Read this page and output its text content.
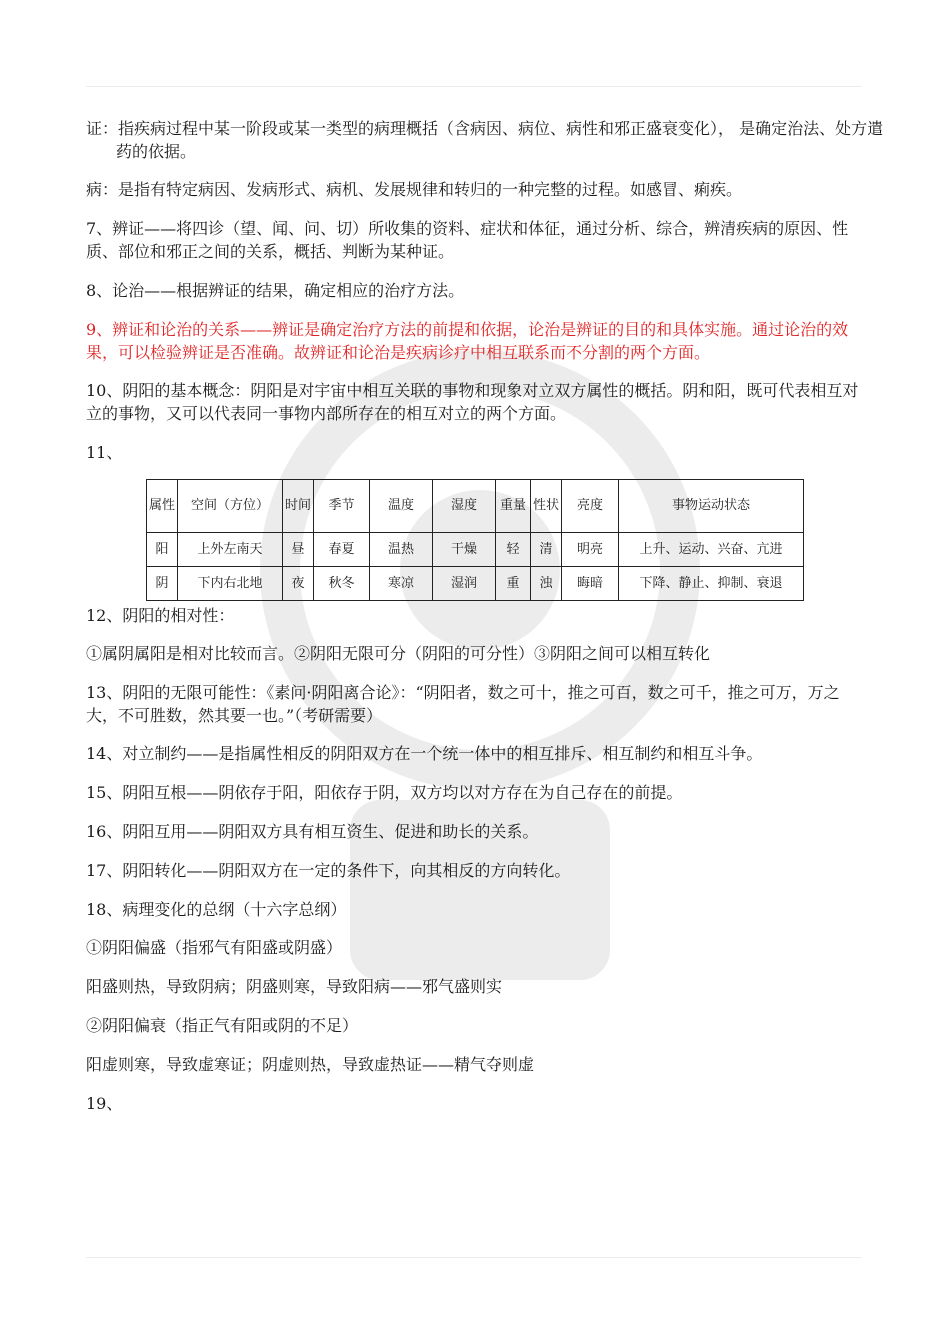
证：指疾病过程中某一阶段或某一类型的病理概括（含病因、病位、病性和邪正盛衰变化）， 是确定治法、处方遣药的依据。

病：是指有特定病因、发病形式、病机、发展规律和转归的一种完整的过程。如感冒、痢疾。

7、辨证——将四诊（望、闻、问、切）所收集的资料、症状和体征，通过分析、综合，辨清疾病的原因、性质、部位和邪正之间的关系，概括、判断为某种证。

8、论治——根据辨证的结果，确定相应的治疗方法。

9、辨证和论治的关系——辨证是确定治疗方法的前提和依据，论治是辨证的目的和具体实施。通过论治的效果，可以检验辨证是否准确。故辨证和论治是疾病诊疗中相互联系而不分割的两个方面。

10、阴阳的基本概念：阴阳是对宇宙中相互关联的事物和现象对立双方属性的概括。阴和阳，既可代表相互对立的事物，又可以代表同一事物内部所存在的相互对立的两个方面。

11、

属性	空间（方位）	时间	季节	温度	湿度	重量	性状	亮度	事物运动状态
阳	上外左南天	昼	春夏	温热	干燥	轻	清	明亮	上升、运动、兴奋、亢进
阴	下内右北地	夜	秋冬	寒凉	湿润	重	浊	晦暗	下降、静止、抑制、衰退

12、阴阳的相对性：

①属阴属阳是相对比较而言。②阴阳无限可分（阴阳的可分性）③阴阳之间可以相互转化

13、阴阳的无限可能性：《素问·阴阳离合论》：“阴阳者，数之可十，推之可百，数之可千，推之可万，万之大，不可胜数，然其要一也。”（考研需要）

14、对立制约——是指属性相反的阴阳双方在一个统一体中的相互排斥、相互制约和相互斗争。

15、阴阳互根——阴依存于阳，阳依存于阴，双方均以对方存在为自己存在的前提。

16、阴阳互用——阴阳双方具有相互资生、促进和助长的关系。

17、阴阳转化——阴阳双方在一定的条件下，向其相反的方向转化。

18、病理变化的总纲（十六字总纲）

①阴阳偏盛（指邪气有阳盛或阴盛）

阳盛则热，导致阴病；阴盛则寒，导致阳病——邪气盛则实

②阴阳偏衰（指正气有阳或阴的不足）

阳虚则寒，导致虚寒证；阴虚则热，导致虚热证——精气夺则虚

19、
